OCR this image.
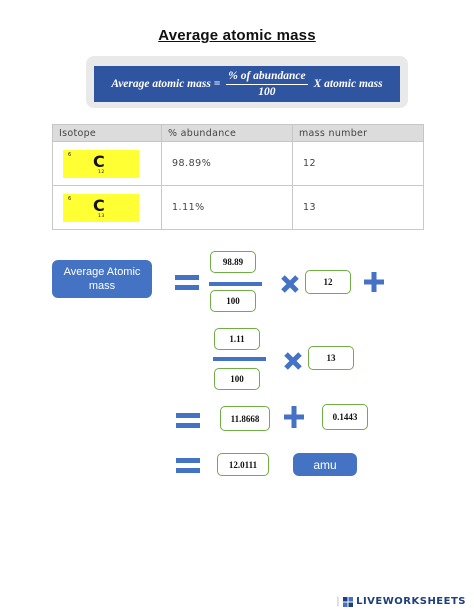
Average atomic mass
Average atomic mass = $\frac{\text{\% of abundance}}{100}$ X atomic mass
Isotope	% abundance	mass number

6 C
12	98.89%	12

6 C
13	1.11%	13
Average Atomic mass
98.89
100
12
1.11
100
13
11.8668	0.1443
12.0111	amu
| LIVEWORKSHEETS
